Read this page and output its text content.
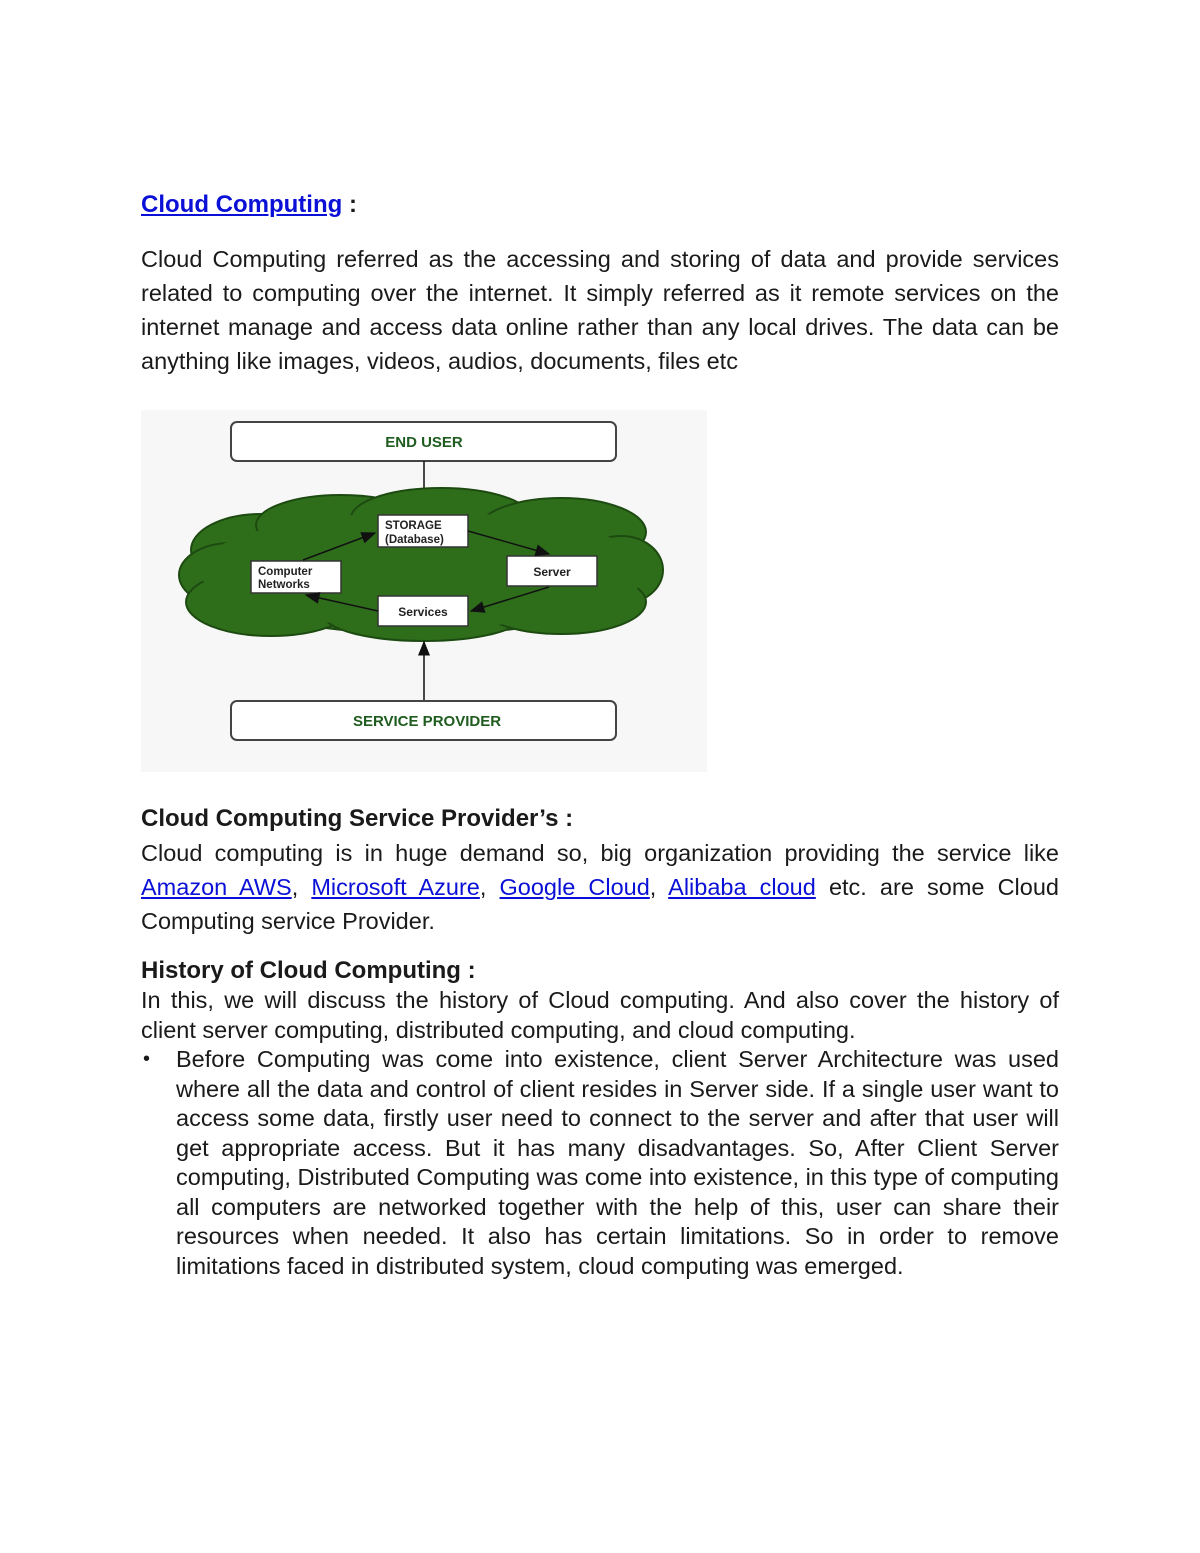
Cloud Computing :

Cloud Computing referred as the accessing and storing of data and provide services related to computing over the internet. It simply referred as it remote services on the internet manage and access data online rather than any local drives. The data can be anything like images, videos, audios, documents, files etc

END USER
STORAGE
(Database)
Server
Services
Computer
Networks
SERVICE PROVIDER

Cloud Computing Service Provider’s :

Cloud computing is in huge demand so, big organization providing the service like Amazon AWS, Microsoft Azure, Google Cloud, Alibaba cloud etc. are some Cloud Computing service Provider.

History of Cloud Computing :

In this, we will discuss the history of Cloud computing. And also cover the history of client server computing, distributed computing, and cloud computing.

• Before Computing was come into existence, client Server Architecture was used where all the data and control of client resides in Server side. If a single user want to access some data, firstly user need to connect to the server and after that user will get appropriate access. But it has many disadvantages. So, After Client Server computing, Distributed Computing was come into existence, in this type of computing all computers are networked together with the help of this, user can share their resources when needed. It also has certain limitations. So in order to remove limitations faced in distributed system, cloud computing was emerged.
